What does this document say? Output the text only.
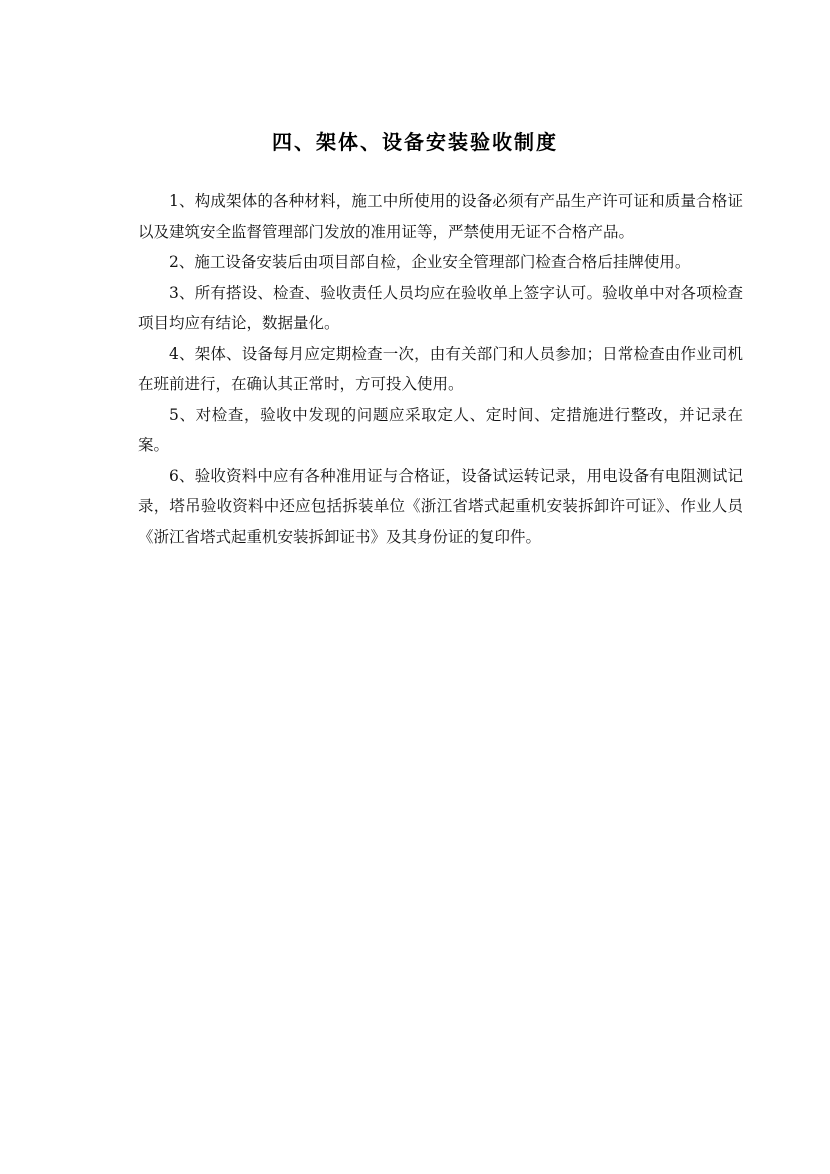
四、架体、设备安装验收制度

1、构成架体的各种材料，施工中所使用的设备必须有产品生产许可证和质量合格证以及建筑安全监督管理部门发放的准用证等，严禁使用无证不合格产品。

2、施工设备安装后由项目部自检，企业安全管理部门检查合格后挂牌使用。

3、所有搭设、检查、验收责任人员均应在验收单上签字认可。验收单中对各项检查项目均应有结论，数据量化。

4、架体、设备每月应定期检查一次，由有关部门和人员参加；日常检查由作业司机在班前进行，在确认其正常时，方可投入使用。

5、对检查，验收中发现的问题应采取定人、定时间、定措施进行整改，并记录在案。

6、验收资料中应有各种准用证与合格证，设备试运转记录，用电设备有电阻测试记录，塔吊验收资料中还应包括拆装单位《浙江省塔式起重机安装拆卸许可证》、作业人员《浙江省塔式起重机安装拆卸证书》及其身份证的复印件。
